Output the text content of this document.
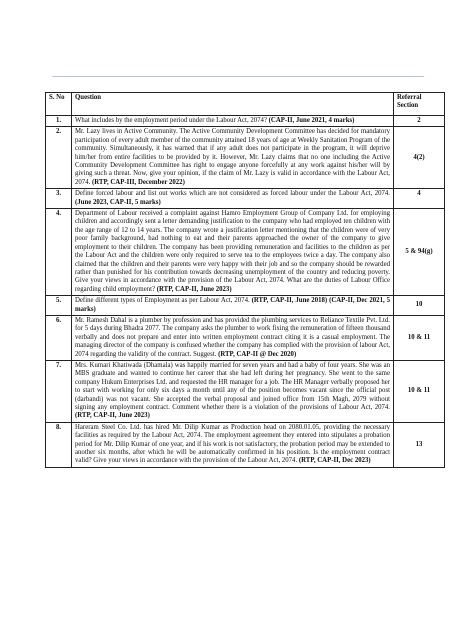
S. No	Question	Referral Section
1.	What includes by the employment period under the Labour Act, 2074? (CAP-II, June 2021, 4 marks)	2
2.	Mr. Lazy lives in Active Community. The Active Community Development Committee has decided for mandatory participation of every adult member of the community attained 18 years of age at Weekly Sanitation Program of the community. Simultaneously, it has warned that if any adult does not participate in the program, it will deprive him/her from entire facilities to be provided by it. However, Mr. Lazy claims that no one including the Active Community Development Committee has right to engage anyone forcefully at any work against his/her will by giving such a threat. Now, give your opinion, if the claim of Mr. Lazy is valid in accordance with the Labour Act, 2074. (RTP, CAP-III, December 2022)	4(2)
3.	Define forced labour and list out works which are not considered as forced labour under the Labour Act, 2074. (June 2023, CAP-II, 5 marks)	4
4.	Department of Labour received a complaint against Hamro Employment Group of Company Ltd. for employing children and accordingly sent a letter demanding justification to the company who had employed ten children with the age range of 12 to 14 years. The company wrote a justification letter mentioning that the children were of very poor family background, had nothing to eat and their parents approached the owner of the company to give employment to their children. The company has been providing remuneration and facilities to the children as per the Labour Act and the children were only required to serve tea to the employees twice a day. The company also claimed that the children and their parents were very happy with their job and so the company should be rewarded rather than punished for his contribution towards decreasing unemployment of the country and reducing poverty. Give your views in accordance with the provision of the Labour Act, 2074. What are the duties of Labour Office regarding child employment? (RTP, CAP-II, June 2023)	5 & 94(g)
5.	Define different types of Employment as per Labour Act, 2074. (RTP, CAP-II, June 2018) (CAP-II, Dec 2021, 5 marks)	10
6.	Mr. Ramesh Dahal is a plumber by profession and has provided the plumbing services to Reliance Textile Pvt. Ltd. for 5 days during Bhadra 2077. The company asks the plumber to work fixing the remuneration of fifteen thousand verbally and does not prepare and enter into written employment contract citing it is a casual employment. The managing director of the company is confused whether the company has complied with the provision of labour Act, 2074 regarding the validity of the contract. Suggest. (RTP, CAP-II @ Dec 2020)	10 & 11
7.	Mrs. Kumari Khatiwada (Dhamala) was happily married for seven years and had a baby of four years. She was an MBS graduate and wanted to continue her career that she had left during her pregnancy. She went to the same company Hukum Enterprises Ltd. and requested the HR manager for a job. The HR Manager verbally proposed her to start with working for only six days a month until any of the position becomes vacant since the official post (darbandi) was not vacant. She accepted the verbal proposal and joined office from 15th Magh, 2079 without signing any employment contract. Comment whether there is a violation of the provisions of Labour Act, 2074. (RTP, CAP-II, June 2023)	10 & 11
8.	Hareram Steel Co. Ltd. has hired Mr. Dilip Kumar as Production head on 2080.01.05, providing the necessary facilities as required by the Labour Act, 2074. The employment agreement they entered into stipulates a probation period for Mr. Dilip Kumar of one year, and if his work is not satisfactory, the probation period may be extended to another six months, after which he will be automatically confirmed in his position. Is the employment contract valid? Give your views in accordance with the provision of the Labour Act, 2074. (RTP, CAP-II, Dec 2023)	13
